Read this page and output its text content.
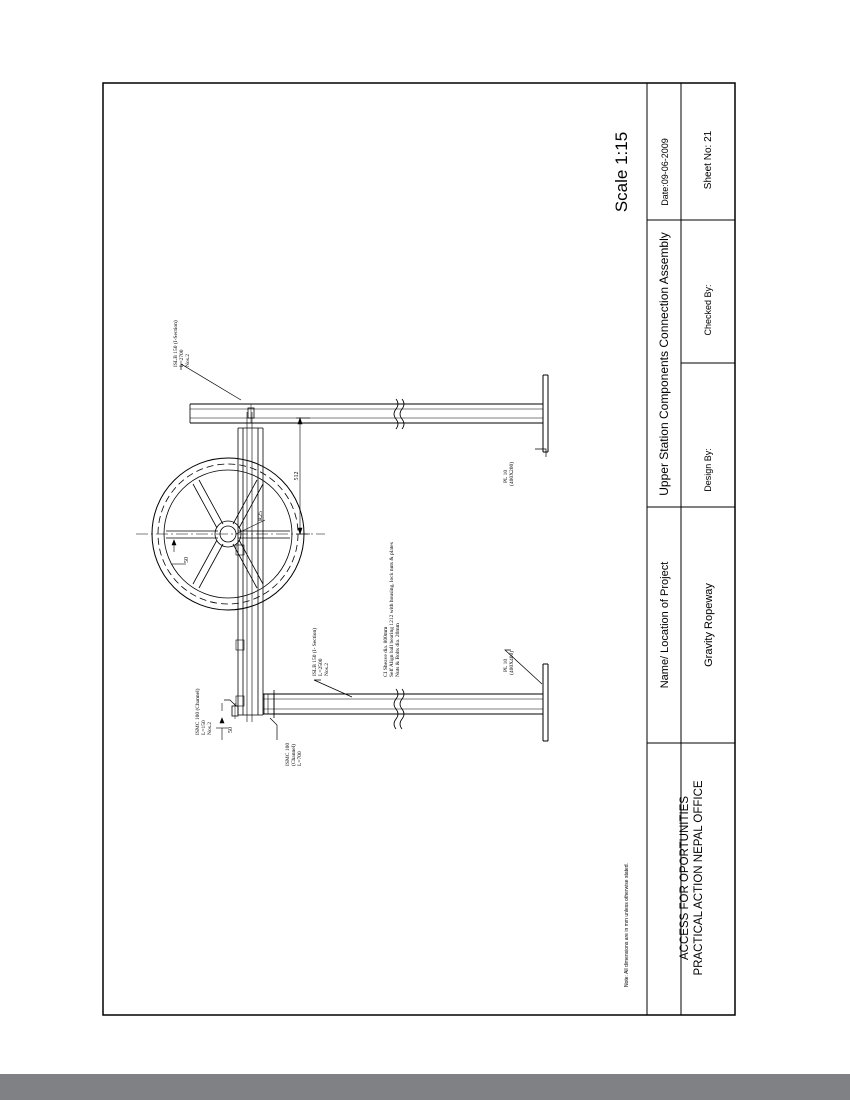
ACCESS FOR OPORTUNITIES PRACTICAL ACTION NEPAL OFFICE
Name/ Location of Project	Gravity Ropeway
Upper Station Components Connection Assembly	Design By:
Checked By:
Date:09-06-2009	Sheet No: 21
Scale 1:15
Note: All dimensions are in mm unless otherwise stated.
ISLB 150 (I-Section) L=2700 Nos.2
ISLB 150 (I- Section) L=2500 Nos.2
ISMC 100 (Channel) L=150 Nos.2
ISMC 100 (Channel) L=700
PL 10 (400X200)
PL 10 (400X400)
CI Sheave dia. 800mm Self Align ball bearing 1212 with housing, lock nuts & plates Nuts & Bolts dia. 20mm
512
R25
50
50
